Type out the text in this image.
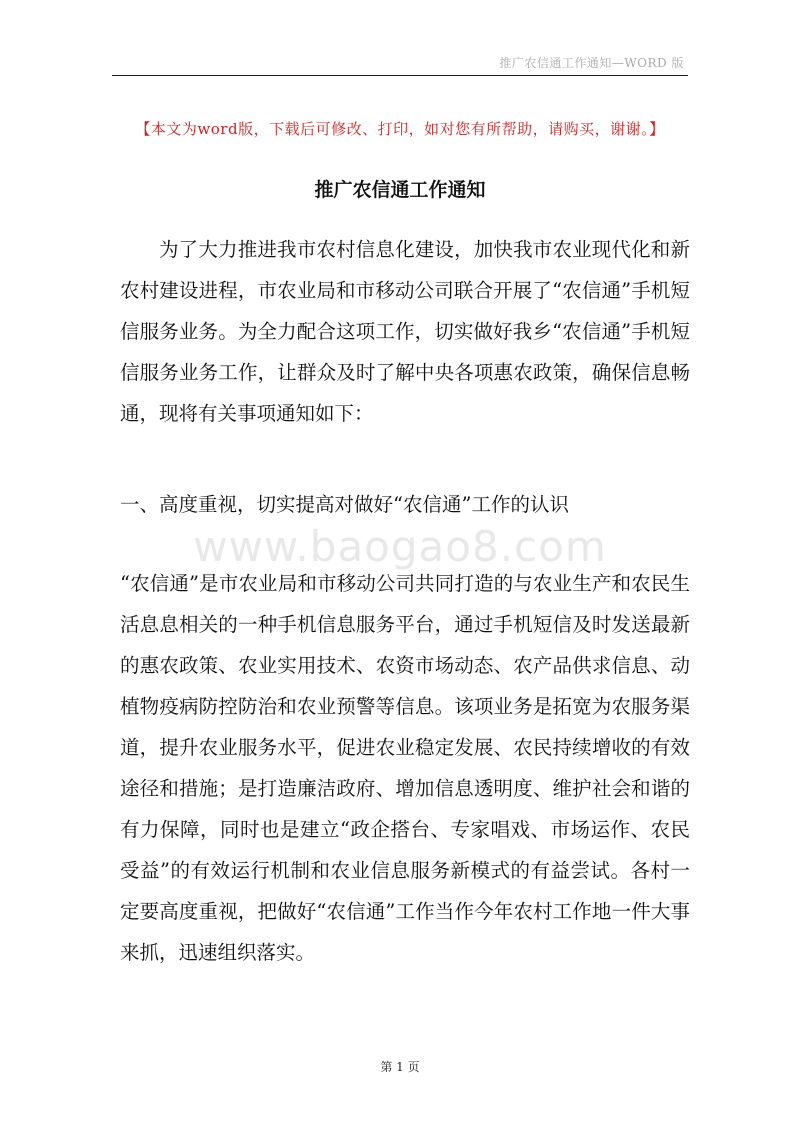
推广农信通工作通知—WORD 版
【本文为word版，下载后可修改、打印，如对您有所帮助，请购买，谢谢。】
推广农信通工作通知

为了大力推进我市农村信息化建设，加快我市农业现代化和新农村建设进程，市农业局和市移动公司联合开展了“农信通”手机短信服务业务。为全力配合这项工作，切实做好我乡“农信通”手机短信服务业务工作，让群众及时了解中央各项惠农政策，确保信息畅通，现将有关事项通知如下：

一、高度重视，切实提高对做好“农信通”工作的认识

www.baogao8.com

“农信通”是市农业局和市移动公司共同打造的与农业生产和农民生活息息相关的一种手机信息服务平台，通过手机短信及时发送最新的惠农政策、农业实用技术、农资市场动态、农产品供求信息、动植物疫病防控防治和农业预警等信息。该项业务是拓宽为农服务渠道，提升农业服务水平，促进农业稳定发展、农民持续增收的有效途径和措施；是打造廉洁政府、增加信息透明度、维护社会和谐的有力保障，同时也是建立“政企搭台、专家唱戏、市场运作、农民受益”的有效运行机制和农业信息服务新模式的有益尝试。各村一定要高度重视，把做好“农信通”工作当作今年农村工作地一件大事来抓，迅速组织落实。

第 1 页
